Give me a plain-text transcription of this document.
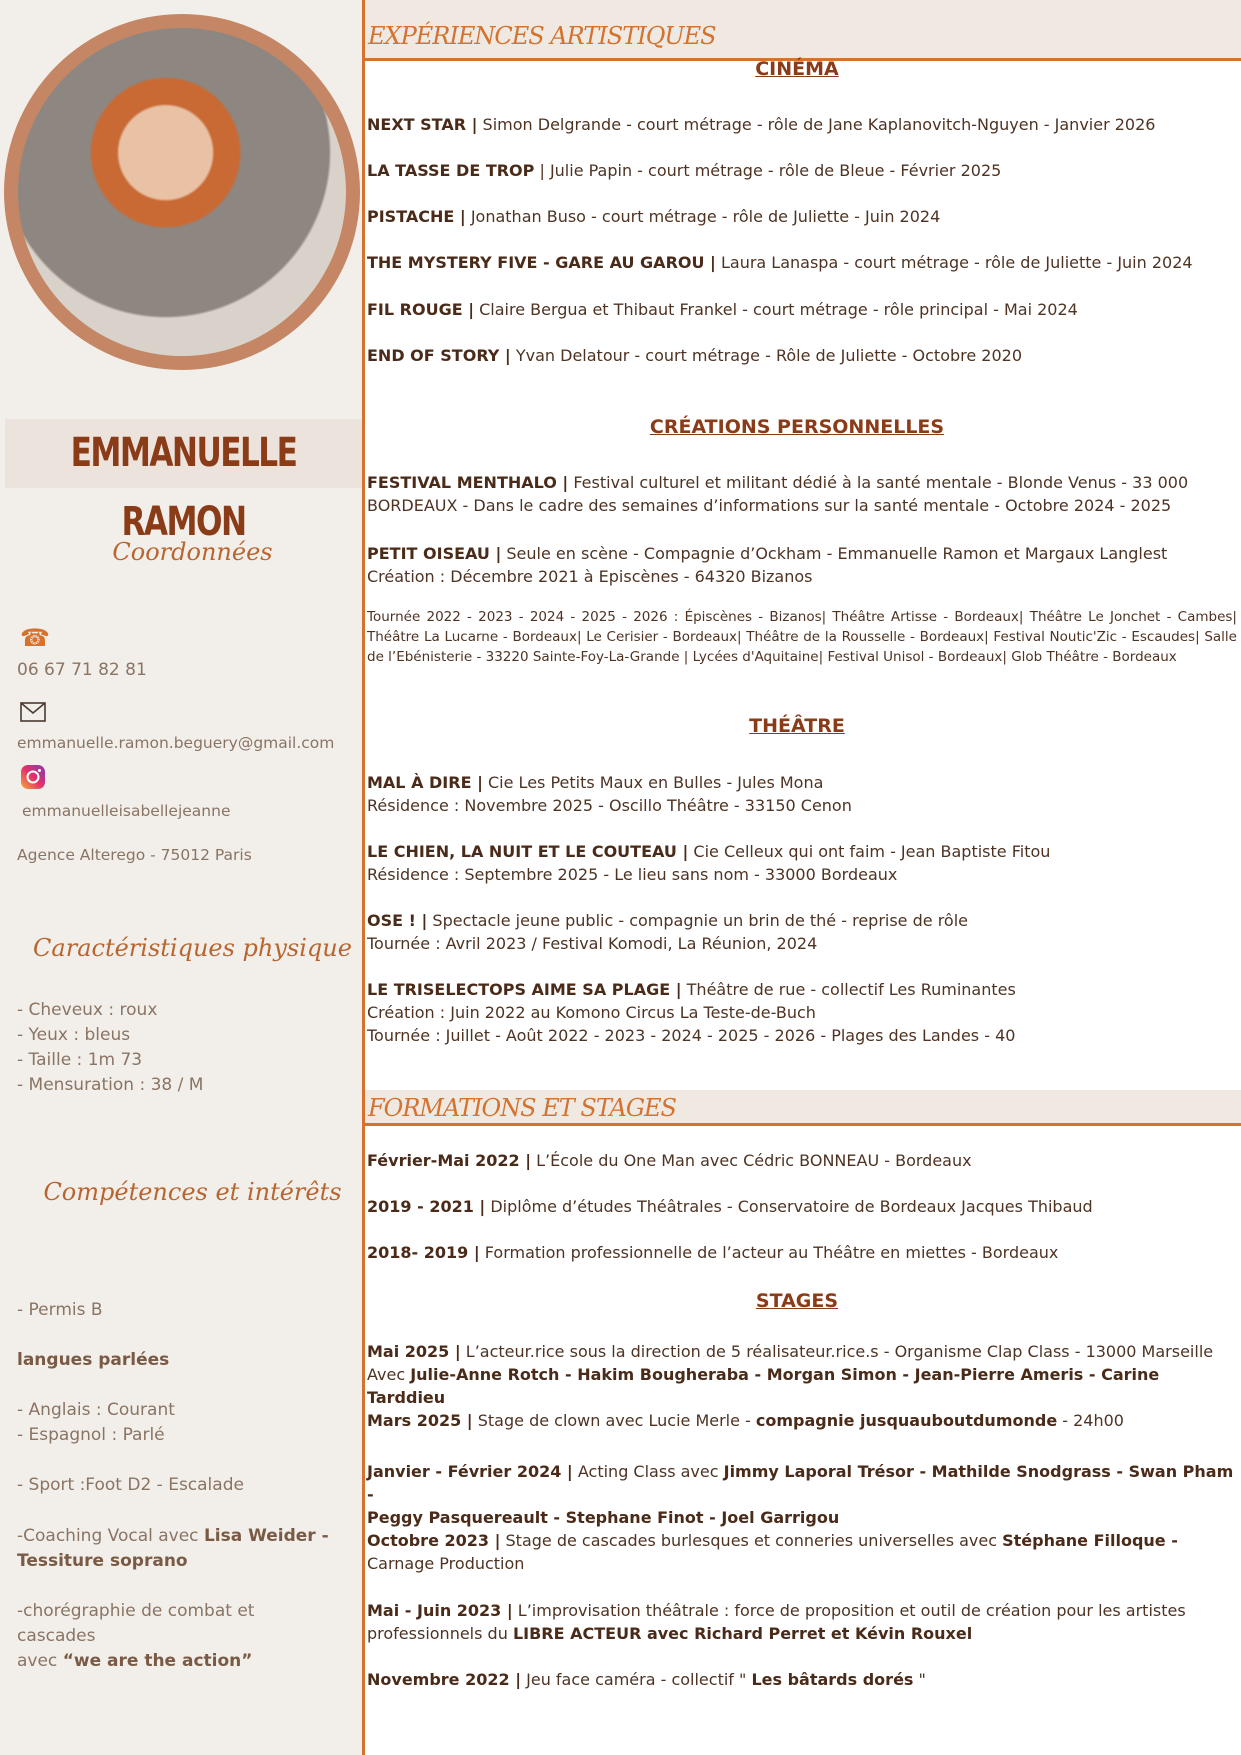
EMMANUELLE RAMON
Coordonnées
☎
06 67 71 82 81
emmanuelle.ramon.beguery@gmail.com
emmanuelleisabellejeanne
Agence Alterego - 75012 Paris
Caractéristiques physique
- Cheveux : roux
- Yeux : bleus
- Taille : 1m 73
- Mensuration : 38 / M
Compétences et intérêts
- Permis B
langues parlées
- Anglais : Courant
- Espagnol : Parlé
- Sport :Foot D2 - Escalade
-Coaching Vocal avec Lisa Weider -
Tessiture soprano
-chorégraphie de combat et
cascades
avec “we are the action”
EXPÉRIENCES ARTISTIQUES
CINÉMA
NEXT STAR | Simon Delgrande - court métrage - rôle de Jane Kaplanovitch-Nguyen - Janvier 2026
LA TASSE DE TROP | Julie Papin - court métrage - rôle de Bleue - Février 2025
PISTACHE | Jonathan Buso - court métrage - rôle de Juliette - Juin 2024
THE MYSTERY FIVE - GARE AU GAROU | Laura Lanaspa - court métrage - rôle de Juliette - Juin 2024
FIL ROUGE | Claire Bergua et Thibaut Frankel - court métrage - rôle principal - Mai 2024
END OF STORY | Yvan Delatour - court métrage - Rôle de Juliette - Octobre 2020
CRÉATIONS PERSONNELLES
FESTIVAL MENTHALO | Festival culturel et militant dédié à la santé mentale - Blonde Venus - 33 000 BORDEAUX - Dans le cadre des semaines d’informations sur la santé mentale - Octobre 2024 - 2025
PETIT OISEAU | Seule en scène - Compagnie d’Ockham - Emmanuelle Ramon et Margaux Langlest
Création : Décembre 2021 à Episcènes - 64320 Bizanos
Tournée 2022 - 2023 - 2024 - 2025 - 2026 : Épiscènes - Bizanos| Théâtre Artisse - Bordeaux| Théâtre Le Jonchet - Cambes| Théâtre La Lucarne - Bordeaux| Le Cerisier - Bordeaux| Théâtre de la Rousselle - Bordeaux| Festival Noutic'Zic - Escaudes| Salle de l’Ebénisterie - 33220 Sainte-Foy-La-Grande | Lycées d'Aquitaine| Festival Unisol - Bordeaux| Glob Théâtre - Bordeaux
THÉÂTRE
MAL À DIRE | Cie Les Petits Maux en Bulles - Jules Mona
Résidence : Novembre 2025 - Oscillo Théâtre - 33150 Cenon
LE CHIEN, LA NUIT ET LE COUTEAU | Cie Celleux qui ont faim - Jean Baptiste Fitou
Résidence : Septembre 2025 - Le lieu sans nom - 33000 Bordeaux
OSE ! | Spectacle jeune public - compagnie un brin de thé - reprise de rôle
Tournée : Avril 2023 / Festival Komodi, La Réunion, 2024
LE TRISELECTOPS AIME SA PLAGE | Théâtre de rue - collectif Les Ruminantes
Création : Juin 2022 au Komono Circus La Teste-de-Buch
Tournée : Juillet - Août 2022 - 2023 - 2024 - 2025 - 2026 - Plages des Landes - 40
FORMATIONS ET STAGES
Février-Mai 2022 | L’École du One Man avec Cédric BONNEAU - Bordeaux
2019 - 2021 | Diplôme d’études Théâtrales - Conservatoire de Bordeaux Jacques Thibaud
2018- 2019 | Formation professionnelle de l’acteur au Théâtre en miettes - Bordeaux
STAGES
Mai 2025 | L’acteur.rice sous la direction de 5 réalisateur.rice.s - Organisme Clap Class - 13000 Marseille
Avec Julie-Anne Rotch - Hakim Bougheraba - Morgan Simon - Jean-Pierre Ameris - Carine Tarddieu
Mars 2025 | Stage de clown avec Lucie Merle - compagnie jusquauboutdumonde - 24h00
Janvier - Février 2024 | Acting Class avec Jimmy Laporal Trésor - Mathilde Snodgrass - Swan Pham -
Peggy Pasquereault - Stephane Finot - Joel Garrigou
Octobre 2023 | Stage de cascades burlesques et conneries universelles avec Stéphane Filloque -
Carnage Production
Mai - Juin 2023 | L’improvisation théâtrale : force de proposition et outil de création pour les artistes
professionnels du LIBRE ACTEUR avec Richard Perret et Kévin Rouxel
Novembre 2022 | Jeu face caméra - collectif " Les bâtards dorés "
